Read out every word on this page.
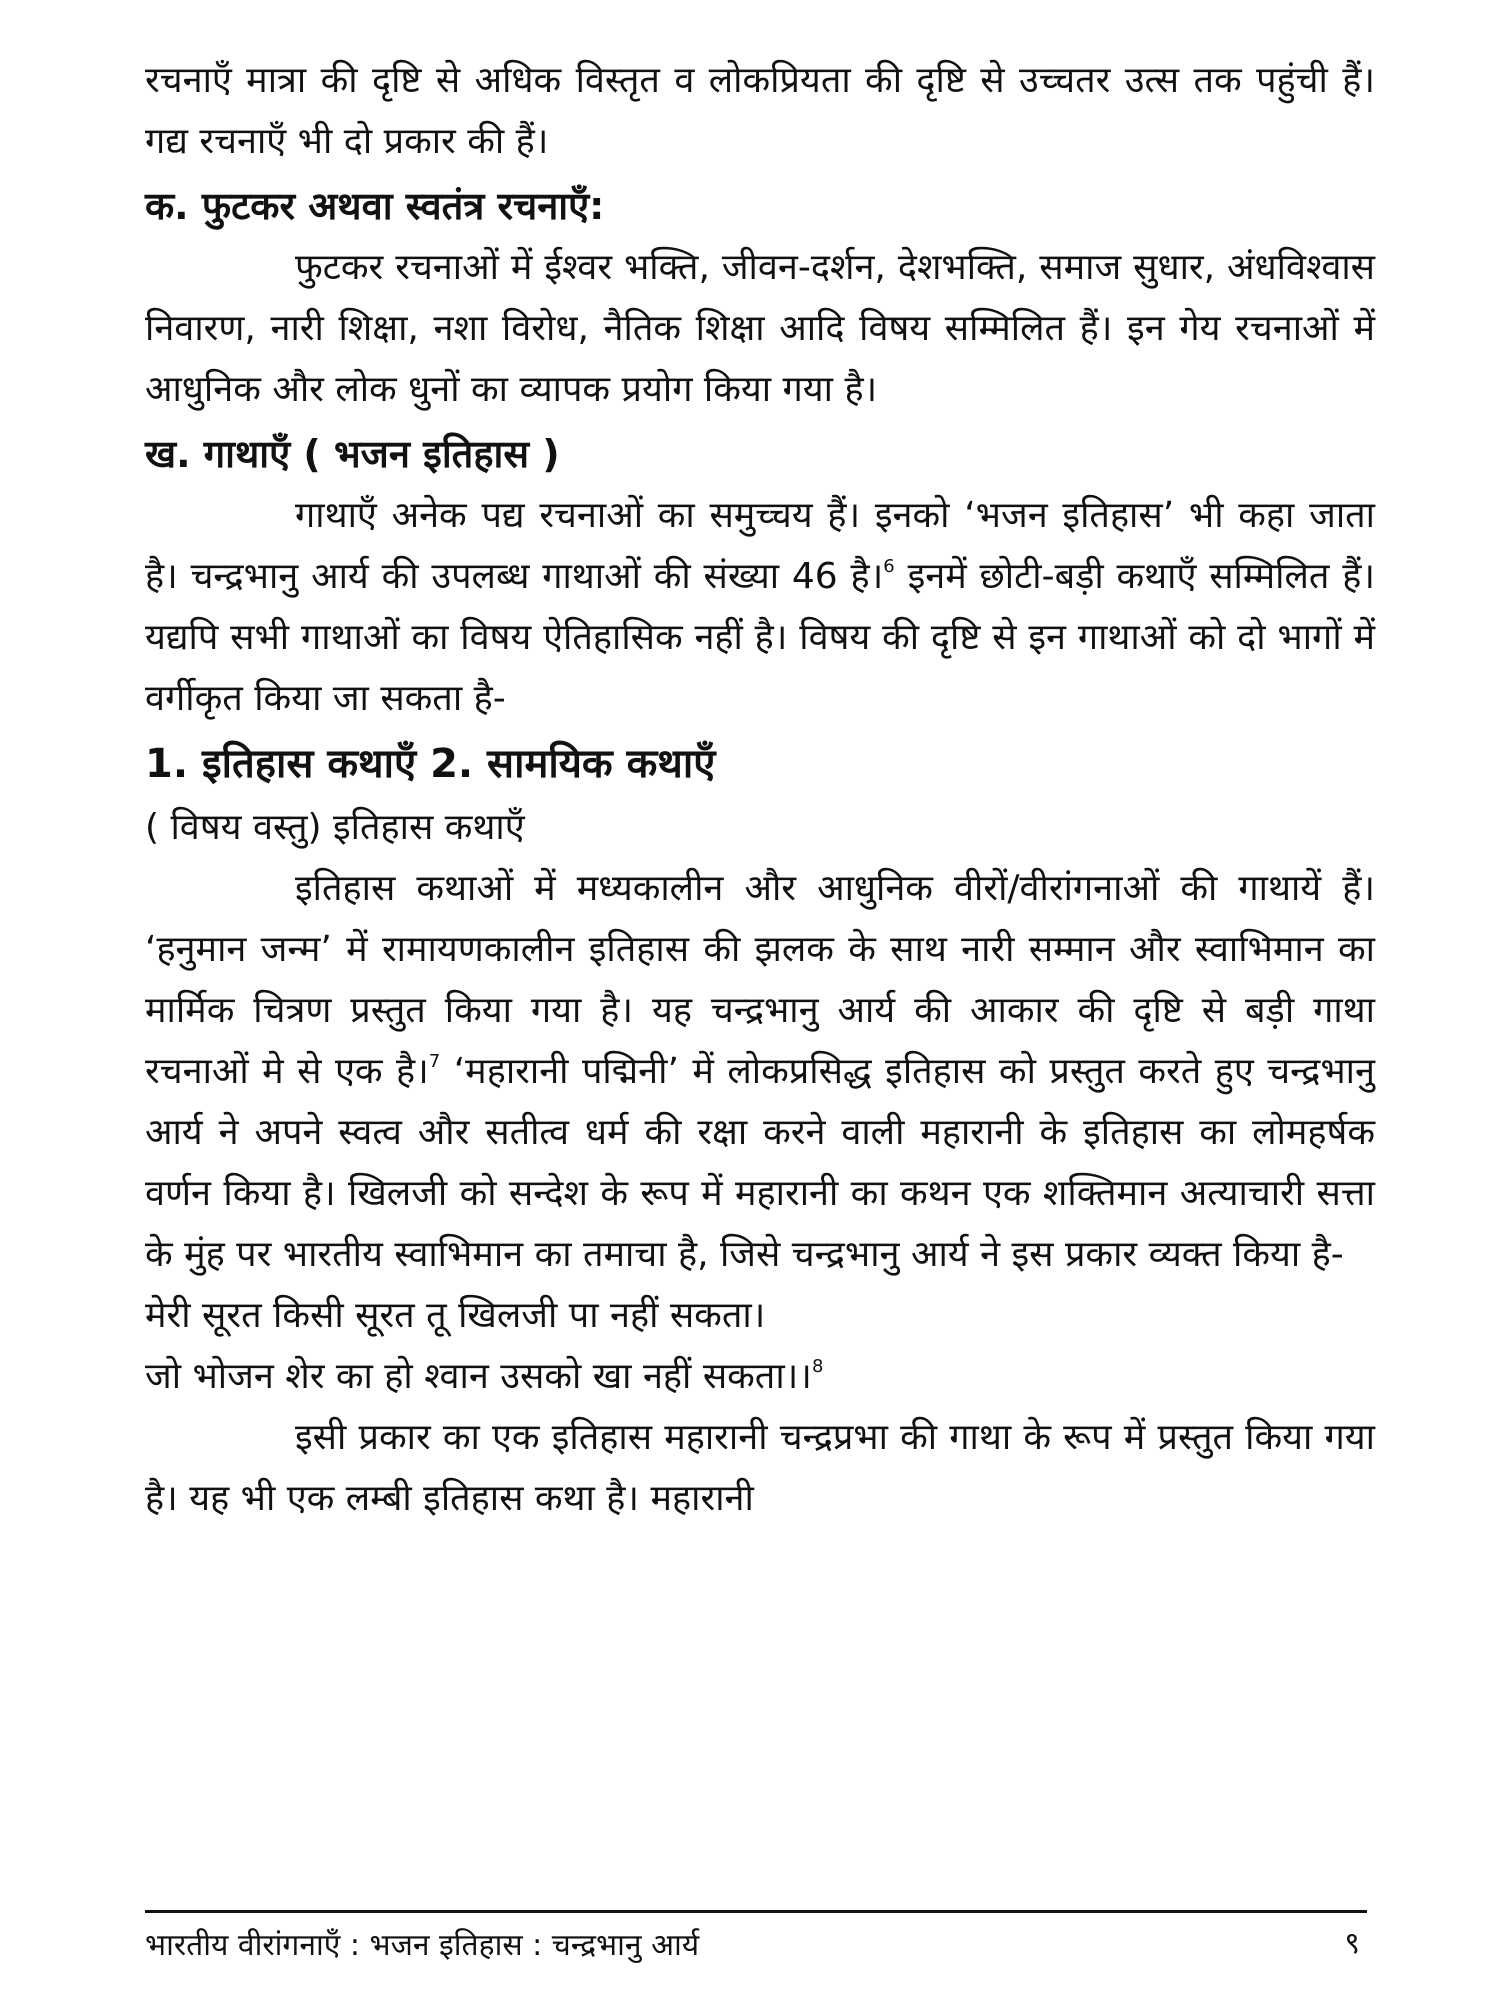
रचनाएँ मात्रा की दृष्टि से अधिक विस्तृत व लोकप्रियता की दृष्टि से उच्चतर उत्स तक पहुंची हैं। गद्य रचनाएँ भी दो प्रकार की हैं।

क. फुटकर अथवा स्वतंत्र रचनाएँ:

फुटकर रचनाओं में ईश्वर भक्ति, जीवन-दर्शन, देशभक्ति, समाज सुधार, अंधविश्वास निवारण, नारी शिक्षा, नशा विरोध, नैतिक शिक्षा आदि विषय सम्मिलित हैं। इन गेय रचनाओं में आधुनिक और लोक धुनों का व्यापक प्रयोग किया गया है।

ख. गाथाएँ ( भजन इतिहास )

गाथाएँ अनेक पद्य रचनाओं का समुच्चय हैं। इनको ‘भजन इतिहास’ भी कहा जाता है। चन्द्रभानु आर्य की उपलब्ध गाथाओं की संख्या 46 है।$^6$ इनमें छोटी-बड़ी कथाएँ सम्मिलित हैं। यद्यपि सभी गाथाओं का विषय ऐतिहासिक नहीं है। विषय की दृष्टि से इन गाथाओं को दो भागों में वर्गीकृत किया जा सकता है-

1. इतिहास कथाएँ 2. सामयिक कथाएँ

( विषय वस्तु) इतिहास कथाएँ

इतिहास कथाओं में मध्यकालीन और आधुनिक वीरों/वीरांगनाओं की गाथायें हैं। ‘हनुमान जन्म’ में रामायणकालीन इतिहास की झलक के साथ नारी सम्मान और स्वाभिमान का मार्मिक चित्रण प्रस्तुत किया गया है। यह चन्द्रभानु आर्य की आकार की दृष्टि से बड़ी गाथा रचनाओं मे से एक है।$^7$ ‘महारानी पद्मिनी’ में लोकप्रसिद्ध इतिहास को प्रस्तुत करते हुए चन्द्रभानु आर्य ने अपने स्वत्व और सतीत्व धर्म की रक्षा करने वाली महारानी के इतिहास का लोमहर्षक वर्णन किया है। खिलजी को सन्देश के रूप में महारानी का कथन एक शक्तिमान अत्याचारी सत्ता के मुंह पर भारतीय स्वाभिमान का तमाचा है, जिसे चन्द्रभानु आर्य ने इस प्रकार व्यक्त किया है-

मेरी सूरत किसी सूरत तू खिलजी पा नहीं सकता।

जो भोजन शेर का हो श्वान उसको खा नहीं सकता।।$^8$

इसी प्रकार का एक इतिहास महारानी चन्द्रप्रभा की गाथा के रूप में प्रस्तुत किया गया है। यह भी एक लम्बी इतिहास कथा है। महारानी

भारतीय वीरांगनाएँ : भजन इतिहास : चन्द्रभानु आर्य	९
